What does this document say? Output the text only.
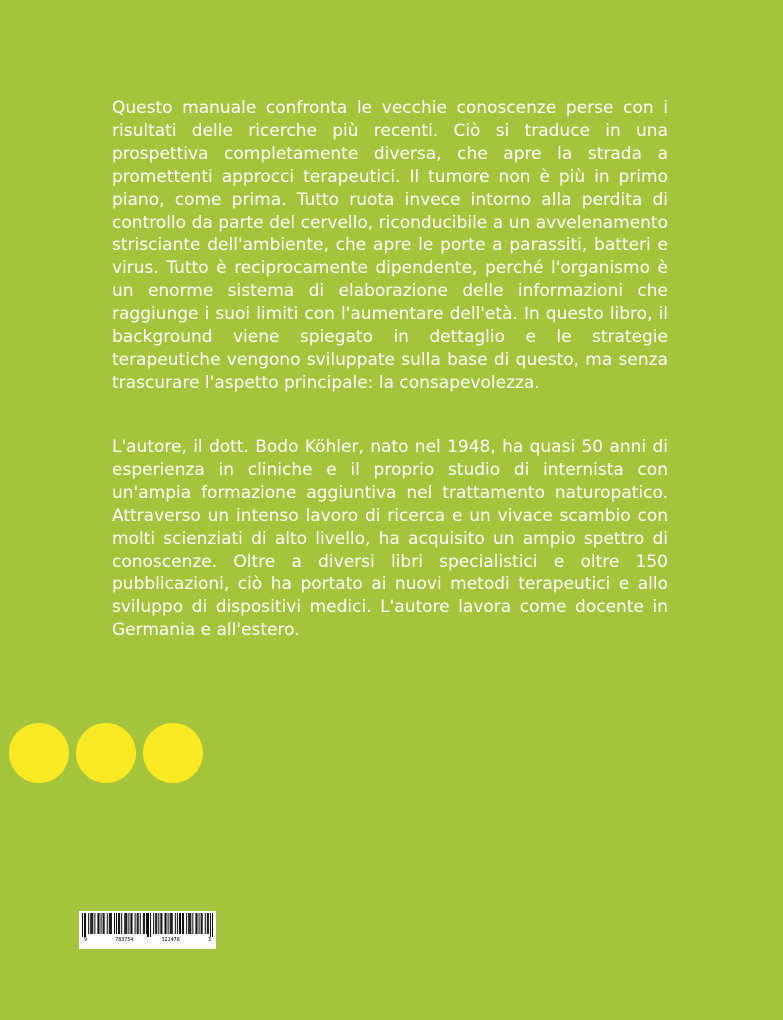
Questo manuale confronta le vecchie conoscenze perse con i risultati delle ricerche più recenti. Ciò si traduce in una prospettiva completamente diversa, che apre la strada a promettenti approcci terapeutici. Il tumore non è più in primo piano, come prima. Tutto ruota invece intorno alla perdita di controllo da parte del cervello, riconducibile a un avvelenamento strisciante dell'ambiente, che apre le porte a parassiti, batteri e virus. Tutto è reciprocamente dipendente, perché l'organismo è un enorme sistema di elaborazione delle informazioni che raggiunge i suoi limiti con l'aumentare dell'età. In questo libro, il background viene spiegato in dettaglio e le strategie terapeutiche vengono sviluppate sulla base di questo, ma senza trascurare l'aspetto principale: la consapevolezza.

L'autore, il dott. Bodo Köhler, nato nel 1948, ha quasi 50 anni di esperienza in cliniche e il proprio studio di internista con un'ampia formazione aggiuntiva nel trattamento naturopatico. Attraverso un intenso lavoro di ricerca e un vivace scambio con molti scienziati di alto livello, ha acquisito un ampio spettro di conoscenze. Oltre a diversi libri specialistici e oltre 150 pubblicazioni, ciò ha portato ai nuovi metodi terapeutici e allo sviluppo di dispositivi medici. L'autore lavora come docente in Germania e all'estero.

9	783754	321478	3
